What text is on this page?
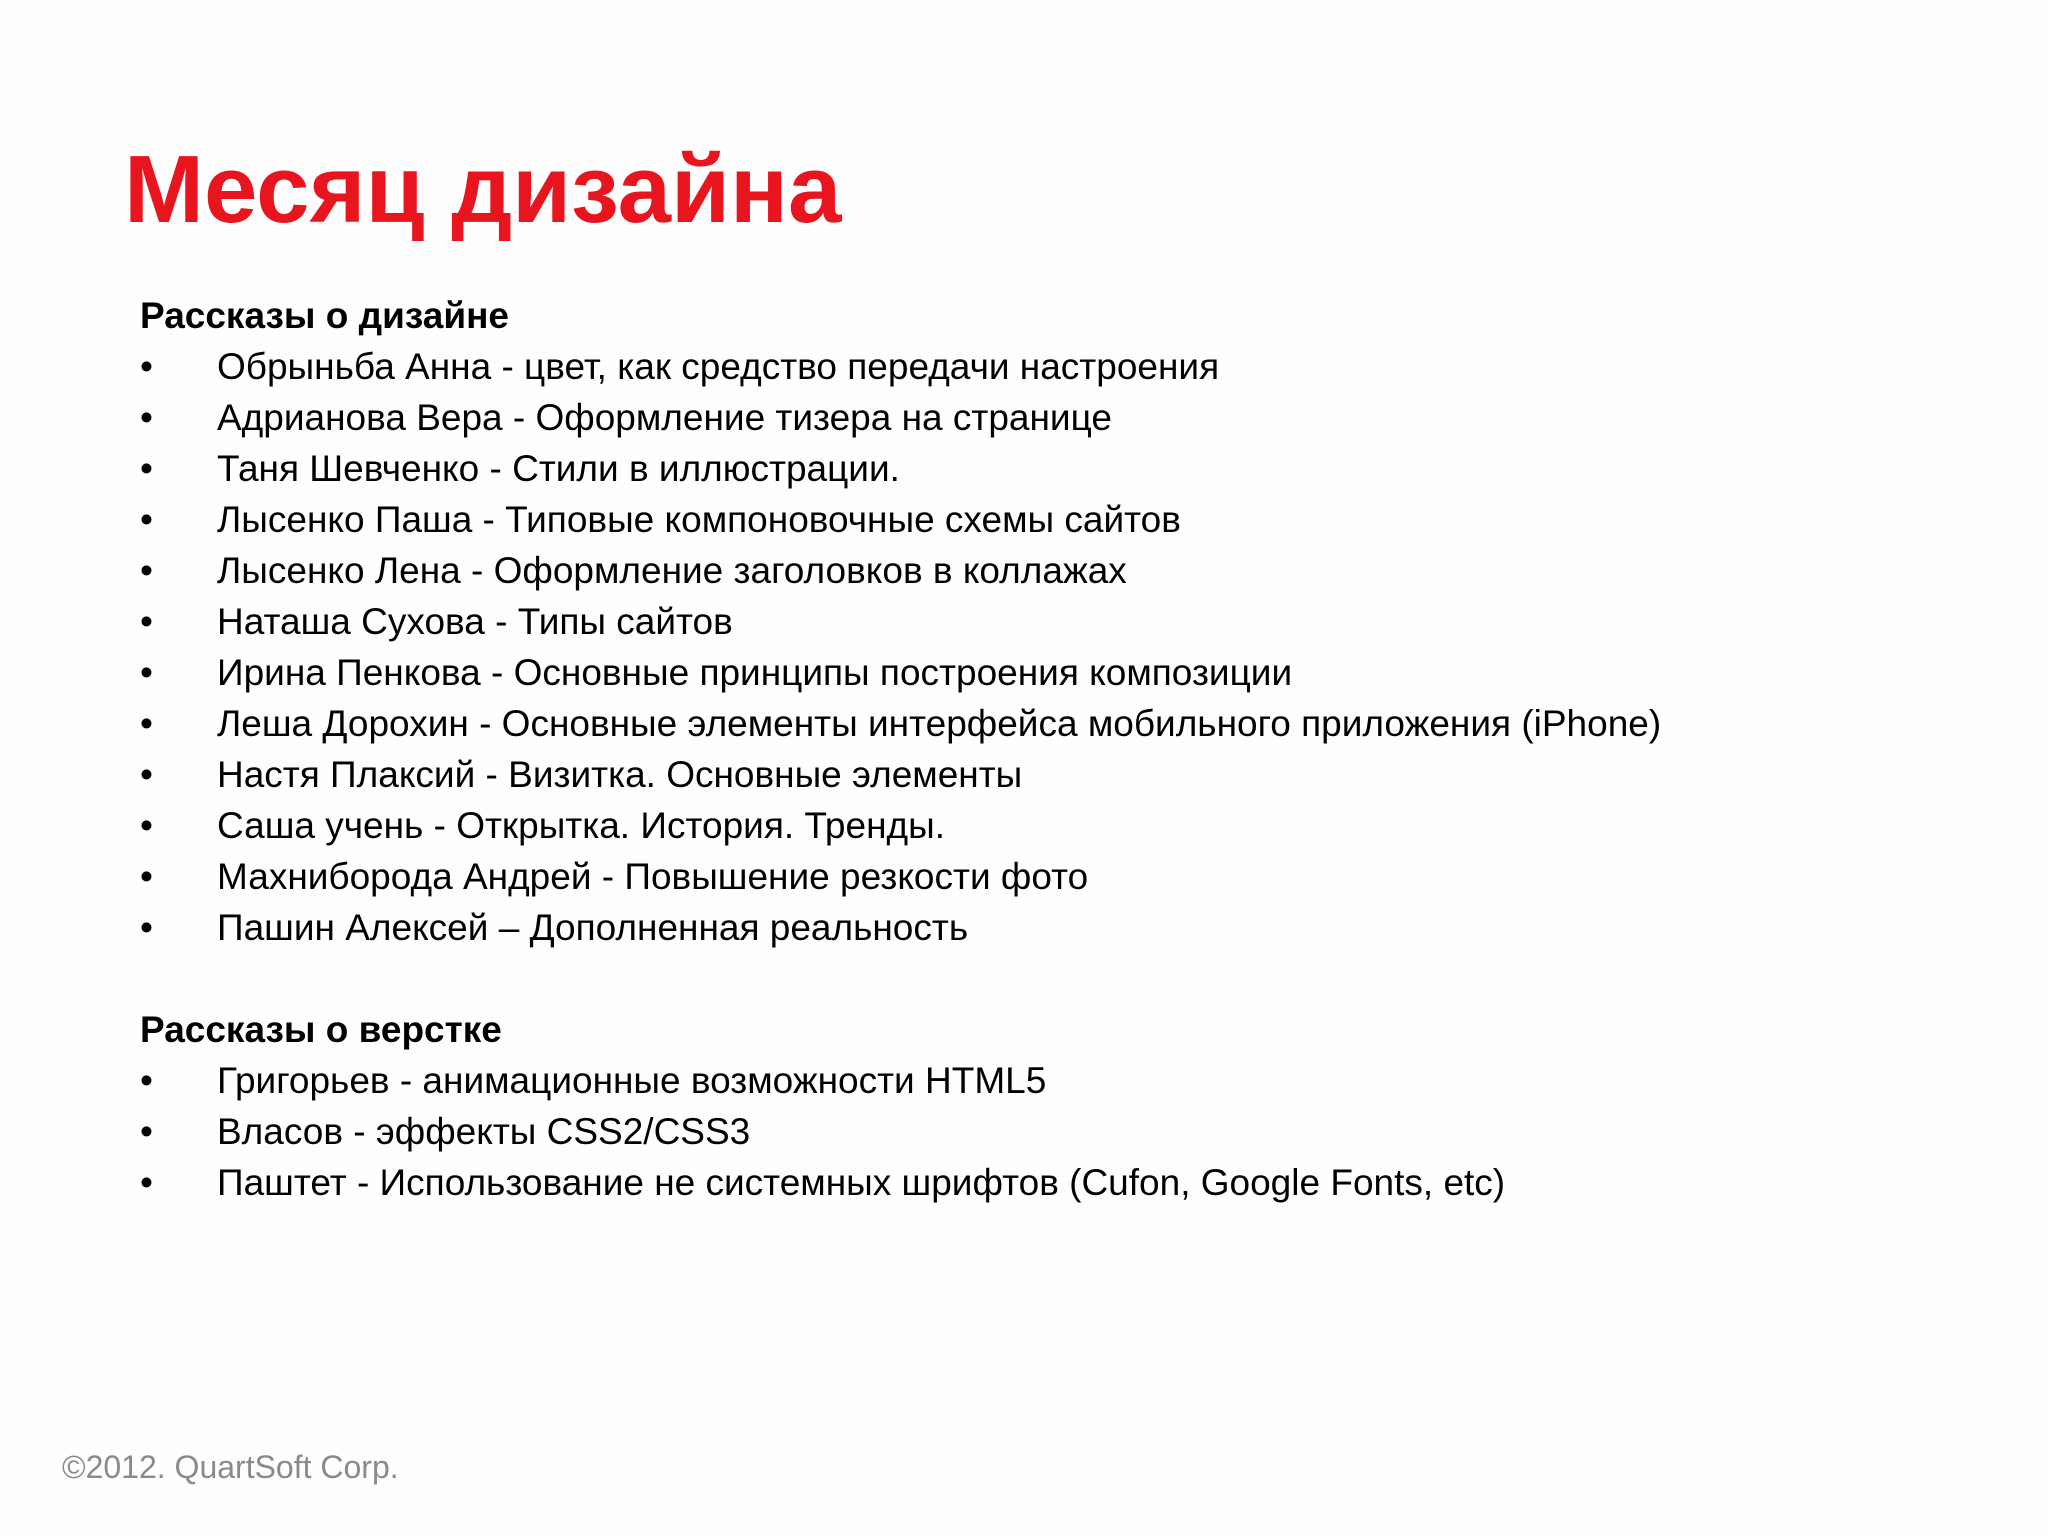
Месяц дизайна
Рассказы о дизайне
•	Обрыньба Анна - цвет, как средство передачи настроения
•	Адрианова Вера - Оформление тизера на странице
•	Таня Шевченко - Стили в иллюстрации.
•	Лысенко Паша - Типовые компоновочные схемы сайтов
•	Лысенко Лена - Оформление заголовков в коллажах
•	Наташа Сухова - Типы сайтов
•	Ирина Пенкова - Основные принципы построения композиции
•	Леша Дорохин - Основные элементы интерфейса мобильного приложения (iPhone)
•	Настя Плаксий - Визитка. Основные элементы
•	Саша учень - Открытка. История. Тренды.
•	Махнибородa Андрей - Повышение резкости фото
•	Пашин Алексей – Дополненная реальность
Рассказы о верстке
•	Григорьев - анимационные возможности HTML5
•	Власов - эффекты CSS2/CSS3
•	Паштет - Использование не системных шрифтов (Cufon, Google Fonts, etc)
©2012. QuartSoft Corp.
